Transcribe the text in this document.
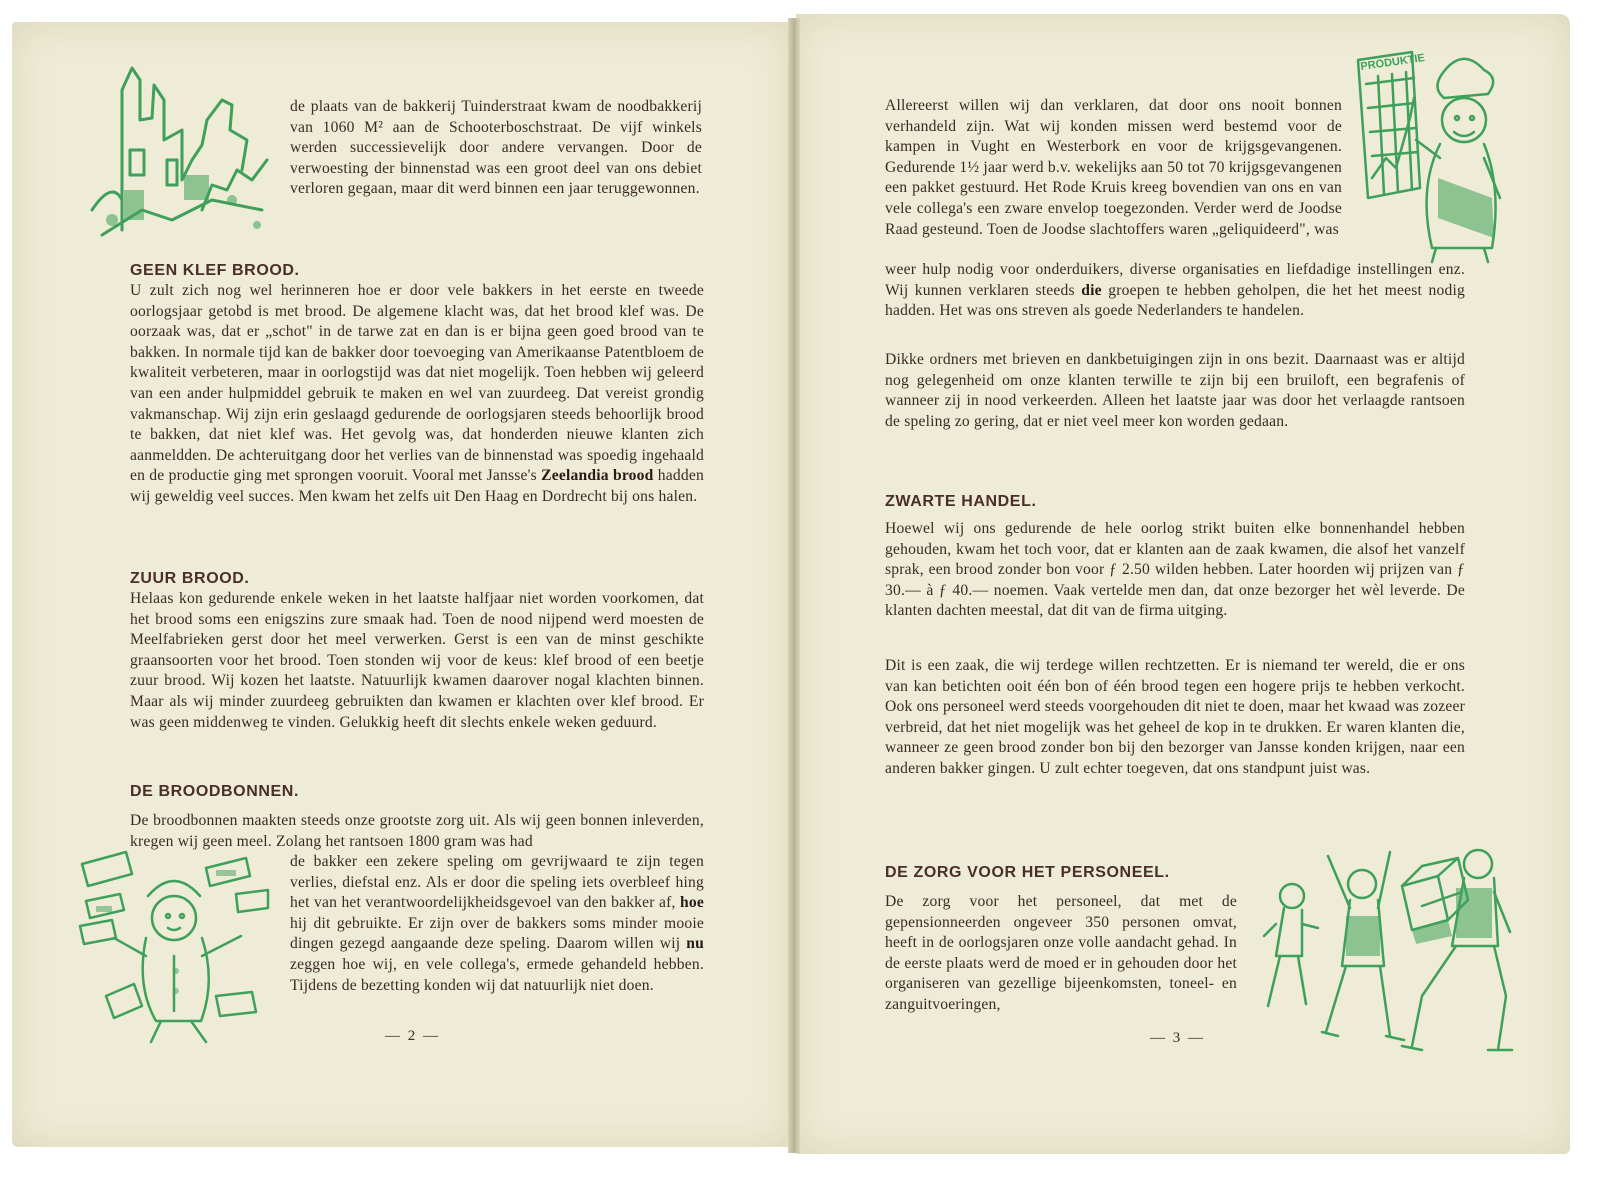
de plaats van de bakkerij Tuinderstraat kwam de noodbakkerij van 1060 M² aan de Schooterboschstraat. De vijf winkels werden successievelijk door andere vervangen. Door de verwoesting der binnenstad was een groot deel van ons debiet verloren gegaan, maar dit werd binnen een jaar teruggewonnen.
GEEN KLEF BROOD.
U zult zich nog wel herinneren hoe er door vele bakkers in het eerste en tweede oorlogsjaar getobd is met brood. De algemene klacht was, dat het brood klef was. De oorzaak was, dat er „schot" in de tarwe zat en dan is er bijna geen goed brood van te bakken. In normale tijd kan de bakker door toevoeging van Amerikaanse Patentbloem de kwaliteit verbeteren, maar in oorlogstijd was dat niet mogelijk. Toen hebben wij geleerd van een ander hulpmiddel gebruik te maken en wel van zuurdeeg. Dat vereist grondig vakmanschap. Wij zijn erin geslaagd gedurende de oorlogsjaren steeds behoorlijk brood te bakken, dat niet klef was. Het gevolg was, dat honderden nieuwe klanten zich aanmeldden. De achteruitgang door het verlies van de binnenstad was spoedig ingehaald en de productie ging met sprongen vooruit. Vooral met Jansse's Zeelandia brood hadden wij geweldig veel succes. Men kwam het zelfs uit Den Haag en Dordrecht bij ons halen.
ZUUR BROOD.
Helaas kon gedurende enkele weken in het laatste halfjaar niet worden voorkomen, dat het brood soms een enigszins zure smaak had. Toen de nood nijpend werd moesten de Meelfabrieken gerst door het meel verwerken. Gerst is een van de minst geschikte graansoorten voor het brood. Toen stonden wij voor de keus: klef brood of een beetje zuur brood. Wij kozen het laatste. Natuurlijk kwamen daarover nogal klachten binnen. Maar als wij minder zuurdeeg gebruikten dan kwamen er klachten over klef brood. Er was geen middenweg te vinden. Gelukkig heeft dit slechts enkele weken geduurd.
DE BROODBONNEN.
De broodbonnen maakten steeds onze grootste zorg uit. Als wij geen bonnen inleverden, kregen wij geen meel. Zolang het rantsoen 1800 gram was had
de bakker een zekere speling om gevrijwaard te zijn tegen verlies, diefstal enz. Als er door die speling iets overbleef hing het van het verantwoordelijkheidsgevoel van den bakker af, hoe hij dit gebruikte. Er zijn over de bakkers soms minder mooie dingen gezegd aangaande deze speling. Daarom willen wij nu zeggen hoe wij, en vele collega's, ermede gehandeld hebben. Tijdens de bezetting konden wij dat natuurlijk niet doen.
— 2 —
PRODUKTIE
Allereerst willen wij dan verklaren, dat door ons nooit bonnen verhandeld zijn. Wat wij konden missen werd bestemd voor de kampen in Vught en Westerbork en voor de krijgsgevangenen. Gedurende 1½ jaar werd b.v. wekelijks aan 50 tot 70 krijgsgevangenen een pakket gestuurd. Het Rode Kruis kreeg bovendien van ons en van vele collega's een zware envelop toegezonden. Verder werd de Joodse Raad gesteund. Toen de Joodse slachtoffers waren „geliquideerd", was
weer hulp nodig voor onderduikers, diverse organisaties en liefdadige instellingen enz. Wij kunnen verklaren steeds die groepen te hebben geholpen, die het het meest nodig hadden. Het was ons streven als goede Nederlanders te handelen.
Dikke ordners met brieven en dankbetuigingen zijn in ons bezit. Daarnaast was er altijd nog gelegenheid om onze klanten terwille te zijn bij een bruiloft, een begrafenis of wanneer zij in nood verkeerden. Alleen het laatste jaar was door het verlaagde rantsoen de speling zo gering, dat er niet veel meer kon worden gedaan.
ZWARTE HANDEL.
Hoewel wij ons gedurende de hele oorlog strikt buiten elke bonnenhandel hebben gehouden, kwam het toch voor, dat er klanten aan de zaak kwamen, die alsof het vanzelf sprak, een brood zonder bon voor ƒ 2.50 wilden hebben. Later hoorden wij prijzen van ƒ 30.— à ƒ 40.— noemen. Vaak vertelde men dan, dat onze bezorger het wèl leverde. De klanten dachten meestal, dat dit van de firma uitging.
Dit is een zaak, die wij terdege willen rechtzetten. Er is niemand ter wereld, die er ons van kan betichten ooit één bon of één brood tegen een hogere prijs te hebben verkocht. Ook ons personeel werd steeds voorgehouden dit niet te doen, maar het kwaad was zozeer verbreid, dat het niet mogelijk was het geheel de kop in te drukken. Er waren klanten die, wanneer ze geen brood zonder bon bij den bezorger van Jansse konden krijgen, naar een anderen bakker gingen. U zult echter toegeven, dat ons standpunt juist was.
DE ZORG VOOR HET PERSONEEL.
De zorg voor het personeel, dat met de gepensionneerden ongeveer 350 personen omvat, heeft in de oorlogsjaren onze volle aandacht gehad. In de eerste plaats werd de moed er in gehouden door het organiseren van gezellige bijeenkomsten, toneel- en zanguitvoeringen,
— 3 —
